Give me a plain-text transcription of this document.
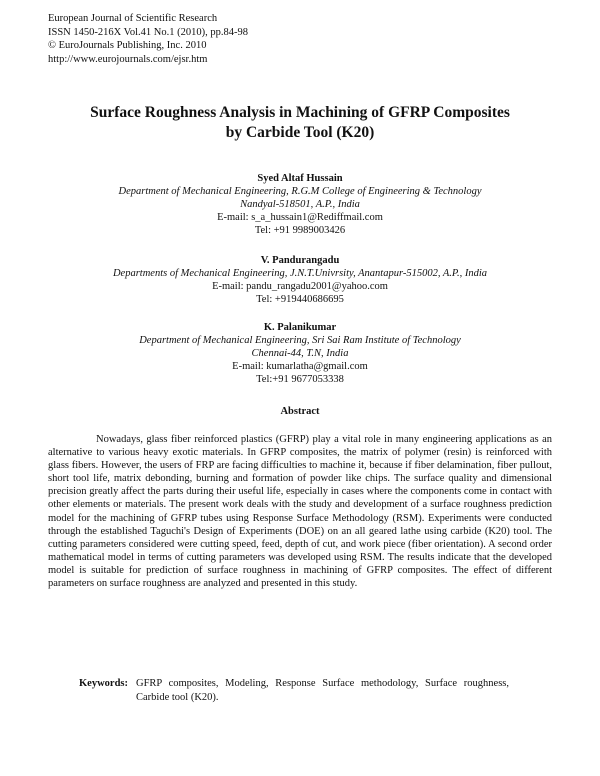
European Journal of Scientific Research
ISSN 1450-216X Vol.41 No.1 (2010), pp.84-98
© EuroJournals Publishing, Inc. 2010
http://www.eurojournals.com/ejsr.htm
Surface Roughness Analysis in Machining of GFRP Composites
by Carbide Tool (K20)
Syed Altaf Hussain
Department of Mechanical Engineering, R.G.M College of Engineering & Technology
Nandyal-518501, A.P., India
E-mail: s_a_hussain1@Rediffmail.com
Tel: +91 9989003426
V. Pandurangadu
Departments of Mechanical Engineering, J.N.T.Univrsity, Anantapur-515002, A.P., India
E-mail: pandu_rangadu2001@yahoo.com
Tel: +919440686695
K. Palanikumar
Department of Mechanical Engineering, Sri Sai Ram Institute of Technology
Chennai-44, T.N, India
E-mail: kumarlatha@gmail.com
Tel:+91 9677053338
Abstract
Nowadays, glass fiber reinforced plastics (GFRP) play a vital role in many engineering applications as an alternative to various heavy exotic materials. In GFRP composites, the matrix of polymer (resin) is reinforced with glass fibers. However, the users of FRP are facing difficulties to machine it, because if fiber delamination, fiber pullout, short tool life, matrix debonding, burning and formation of powder like chips. The surface quality and dimensional precision greatly affect the parts during their useful life, especially in cases where the components come in contact with other elements or materials. The present work deals with the study and development of a surface roughness prediction model for the machining of GFRP tubes using Response Surface Methodology (RSM). Experiments were conducted through the established Taguchi's Design of Experiments (DOE) on an all geared lathe using carbide (K20) tool. The cutting parameters considered were cutting speed, feed, depth of cut, and work piece (fiber orientation). A second order mathematical model in terms of cutting parameters was developed using RSM. The results indicate that the developed model is suitable for prediction of surface roughness in machining of GFRP composites. The effect of different parameters on surface roughness are analyzed and presented in this study.
Keywords: GFRP composites, Modeling, Response Surface methodology, Surface roughness, Carbide tool (K20).
